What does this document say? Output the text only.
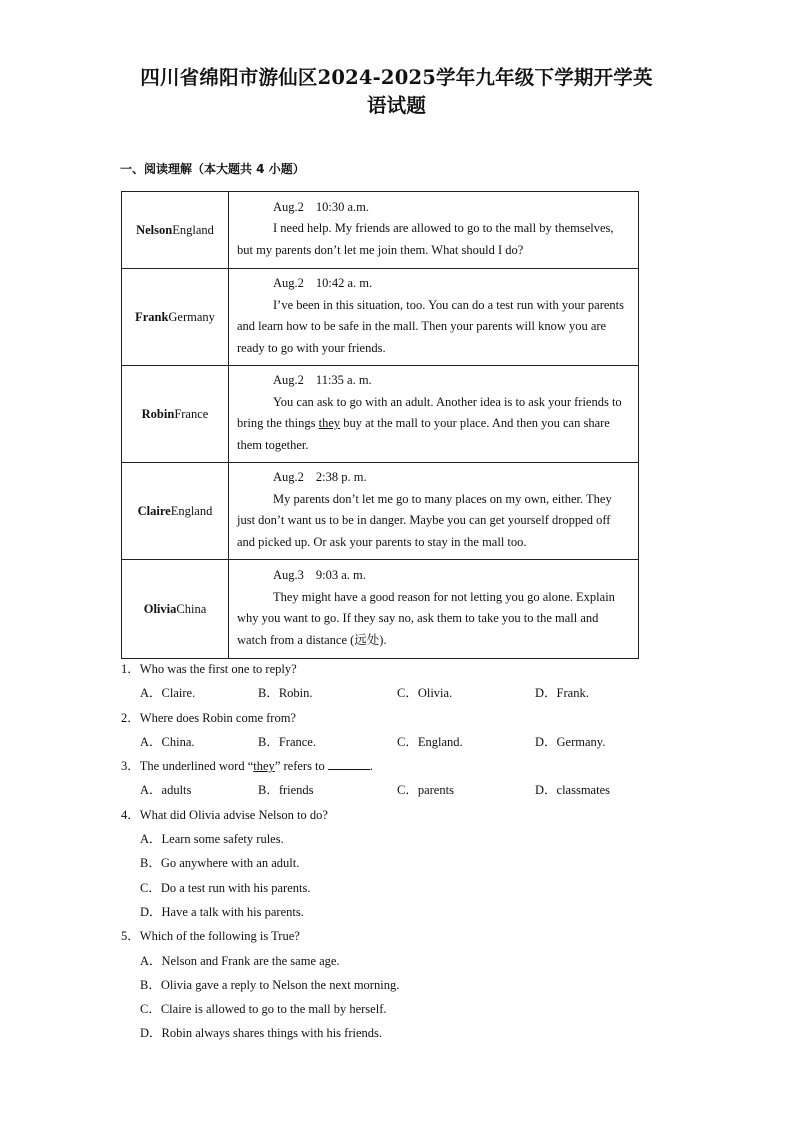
四川省绵阳市游仙区2024-2025学年九年级下学期开学英
语试题
一、阅读理解（本大题共 4 小题）
NelsonEngland	Aug.2 10:30 a.m.
I need help. My friends are allowed to go to the mall by themselves, but my parents don’t let me join them. What should I do?

FrankGermany	Aug.2 10:42 a. m.
I’ve been in this situation, too. You can do a test run with your parents and learn how to be safe in the mall. Then your parents will know you are ready to go with your friends.

RobinFrance	Aug.2 11:35 a. m.
You can ask to go with an adult. Another idea is to ask your friends to bring the things they buy at the mall to your place. And then you can share them together.

ClaireEngland	Aug.2 2:38 p. m.
My parents don’t let me go to many places on my own, either. They just don’t want us to be in danger. Maybe you can get yourself dropped off and picked up. Or ask your parents to stay in the mall too.

OliviaChina	Aug.3 9:03 a. m.
They might have a good reason for not letting you go alone. Explain why you want to go. If they say no, ask them to take you to the mall and watch from a distance (远处).
1．Who was the first one to reply?
A．Claire.	B．Robin.	C．Olivia.	D．Frank.
2．Where does Robin come from?
A．China.	B．France.	C．England.	D．Germany.
3．The underlined word “they” refers to	.
A．adults	B．friends	C．parents	D．classmates
4．What did Olivia advise Nelson to do?
A．Learn some safety rules.
B．Go anywhere with an adult.
C．Do a test run with his parents.
D．Have a talk with his parents.
5．Which of the following is True?
A．Nelson and Frank are the same age.
B．Olivia gave a reply to Nelson the next morning.
C．Claire is allowed to go to the mall by herself.
D．Robin always shares things with his friends.
